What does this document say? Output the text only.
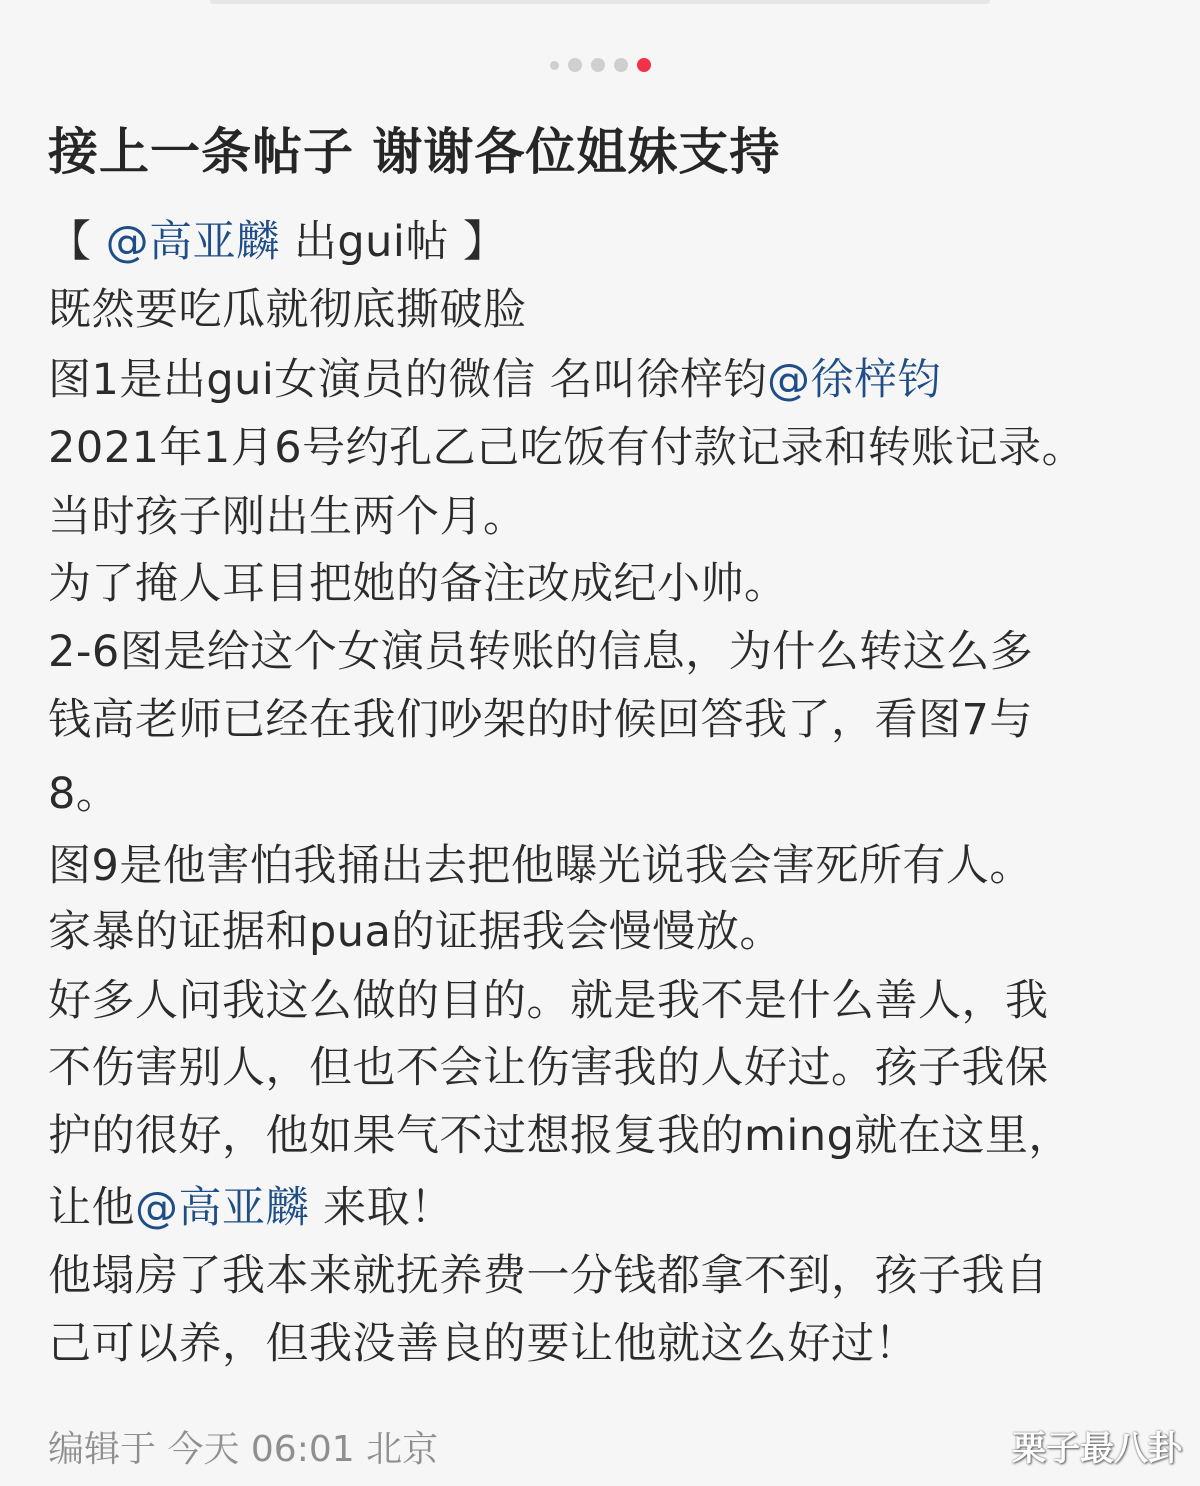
接上一条帖子 谢谢各位姐妹支持
【 @高亚麟 出gui帖 】
既然要吃瓜就彻底撕破脸
图1是出gui女演员的微信 名叫徐梓钧@徐梓钧
2021年1月6号约孔乙己吃饭有付款记录和转账记录。
当时孩子刚出生两个月。
为了掩人耳目把她的备注改成纪小帅。
2-6图是给这个女演员转账的信息，为什么转这么多
钱高老师已经在我们吵架的时候回答我了，看图7与
8。
图9是他害怕我捅出去把他曝光说我会害死所有人。
家暴的证据和pua的证据我会慢慢放。
好多人问我这么做的目的。就是我不是什么善人，我
不伤害别人，但也不会让伤害我的人好过。孩子我保
护的很好，他如果气不过想报复我的ming就在这里，
让他@高亚麟 来取！
他塌房了我本来就抚养费一分钱都拿不到，孩子我自
己可以养，但我没善良的要让他就这么好过！
编辑于 今天 06:01 北京	栗子最八卦
